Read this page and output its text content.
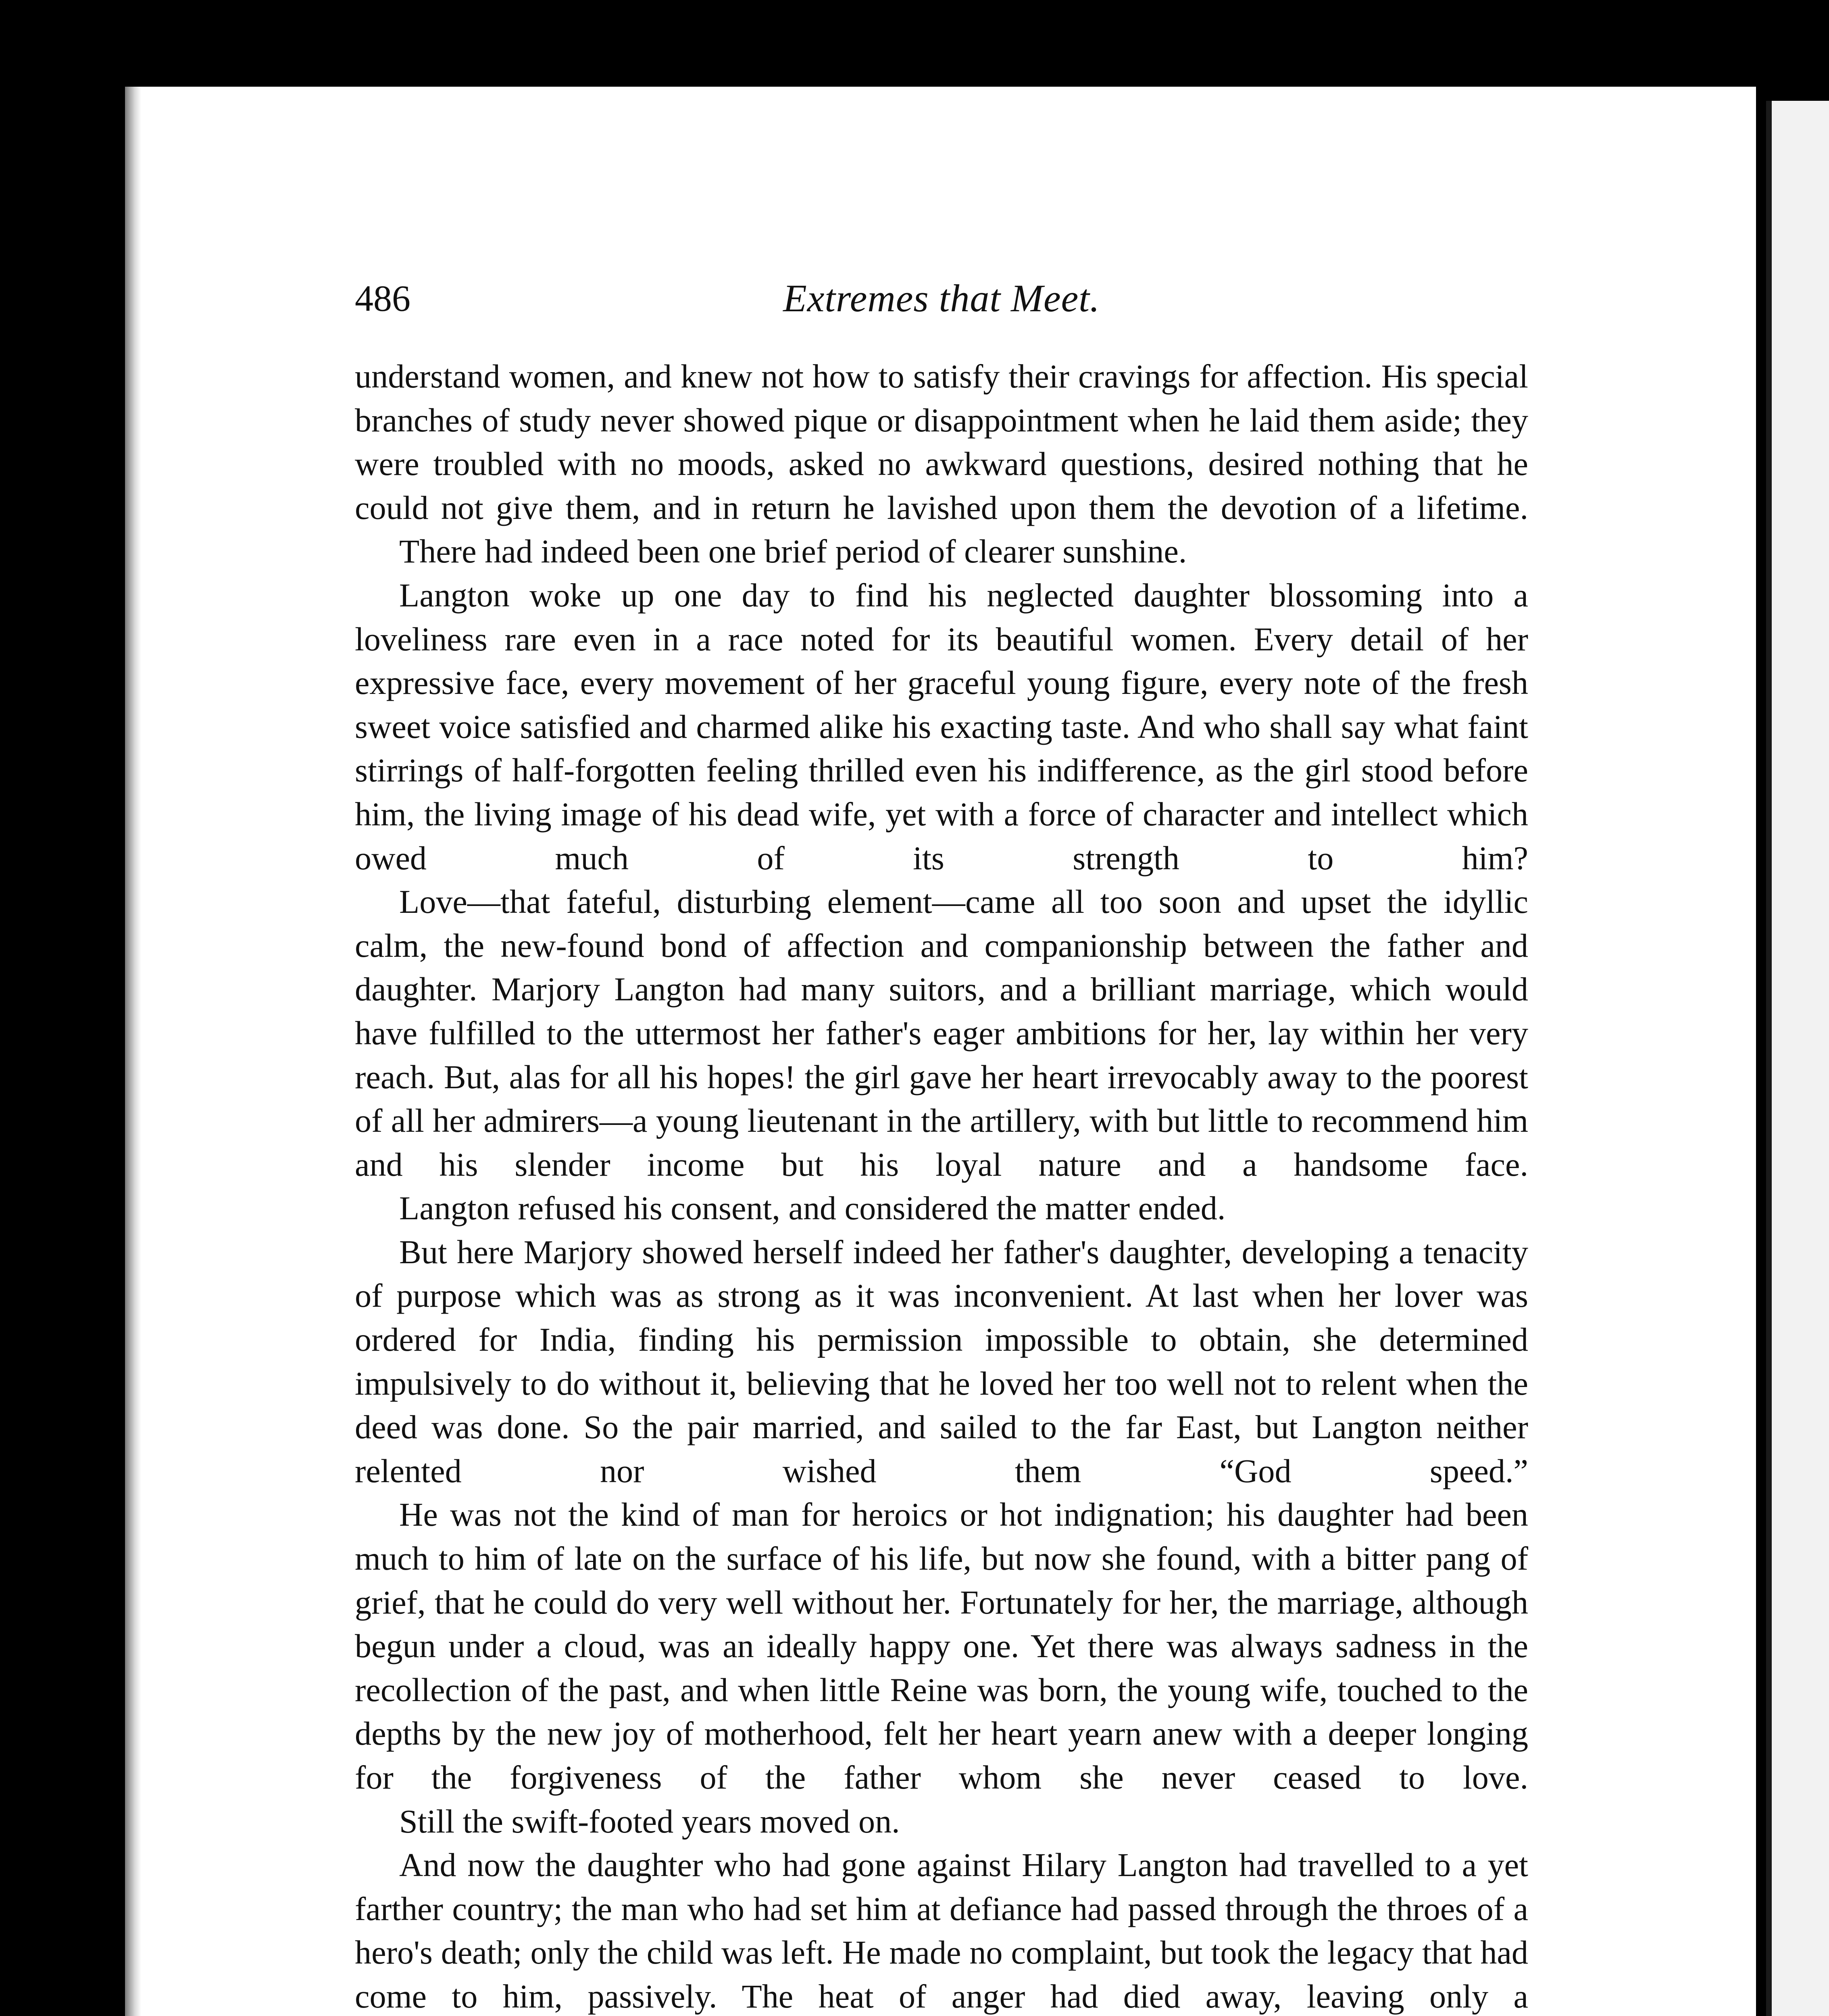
486	Extremes that Meet.

understand women, and knew not how to satisfy their cravings for affection. His special branches of study never showed pique or disappointment when he laid them aside; they were troubled with no moods, asked no awkward questions, desired nothing that he could not give them, and in return he lavished upon them the devotion of a lifetime.

There had indeed been one brief period of clearer sunshine.

Langton woke up one day to find his neglected daughter blossoming into a loveliness rare even in a race noted for its beautiful women. Every detail of her expressive face, every movement of her graceful young figure, every note of the fresh sweet voice satisfied and charmed alike his exacting taste. And who shall say what faint stirrings of half-forgotten feeling thrilled even his indifference, as the girl stood before him, the living image of his dead wife, yet with a force of character and intellect which owed much of its strength to him?

Love—that fateful, disturbing element—came all too soon and upset the idyllic calm, the new-found bond of affection and companionship between the father and daughter. Marjory Langton had many suitors, and a brilliant marriage, which would have fulfilled to the uttermost her father's eager ambitions for her, lay within her very reach. But, alas for all his hopes! the girl gave her heart irrevocably away to the poorest of all her admirers—a young lieutenant in the artillery, with but little to recommend him and his slender income but his loyal nature and a handsome face.

Langton refused his consent, and considered the matter ended.

But here Marjory showed herself indeed her father's daughter, developing a tenacity of purpose which was as strong as it was inconvenient. At last when her lover was ordered for India, finding his permission impossible to obtain, she determined impulsively to do without it, believing that he loved her too well not to relent when the deed was done. So the pair married, and sailed to the far East, but Langton neither relented nor wished them “God speed.”

He was not the kind of man for heroics or hot indignation; his daughter had been much to him of late on the surface of his life, but now she found, with a bitter pang of grief, that he could do very well without her. Fortunately for her, the marriage, although begun under a cloud, was an ideally happy one. Yet there was always sadness in the recollection of the past, and when little Reine was born, the young wife, touched to the depths by the new joy of motherhood, felt her heart yearn anew with a deeper longing for the forgiveness of the father whom she never ceased to love.

Still the swift-footed years moved on.

And now the daughter who had gone against Hilary Langton had travelled to a yet farther country; the man who had set him at defiance had passed through the throes of a hero's death; only the child was left. He made no complaint, but took the legacy that had come to him, passively. The heat of anger had died away, leaving only a
